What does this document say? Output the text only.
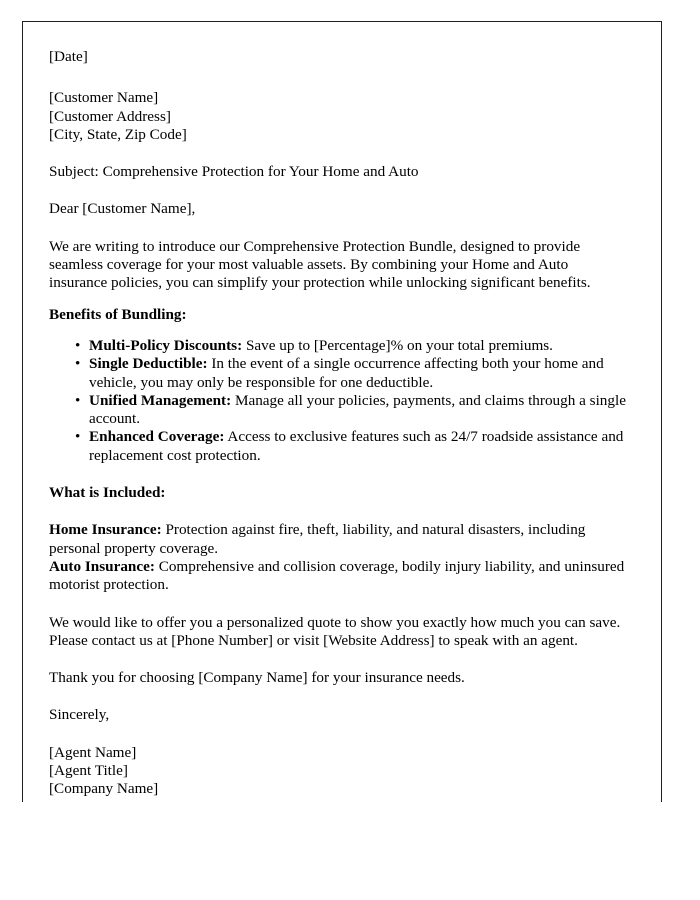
[Date]

[Customer Name]

[Customer Address]

[City, State, Zip Code]

Subject: Comprehensive Protection for Your Home and Auto

Dear [Customer Name],

We are writing to introduce our Comprehensive Protection Bundle, designed to provide seamless coverage for your most valuable assets. By combining your Home and Auto insurance policies, you can simplify your protection while unlocking significant benefits.

Benefits of Bundling:

• Multi-Policy Discounts: Save up to [Percentage]% on your total premiums.
• Single Deductible: In the event of a single occurrence affecting both your home and vehicle, you may only be responsible for one deductible.
• Unified Management: Manage all your policies, payments, and claims through a single account.
• Enhanced Coverage: Access to exclusive features such as 24/7 roadside assistance and replacement cost protection.

What is Included:

Home Insurance: Protection against fire, theft, liability, and natural disasters, including personal property coverage.

Auto Insurance: Comprehensive and collision coverage, bodily injury liability, and uninsured motorist protection.

We would like to offer you a personalized quote to show you exactly how much you can save. Please contact us at [Phone Number] or visit [Website Address] to speak with an agent.

Thank you for choosing [Company Name] for your insurance needs.

Sincerely,

[Agent Name]

[Agent Title]

[Company Name]
